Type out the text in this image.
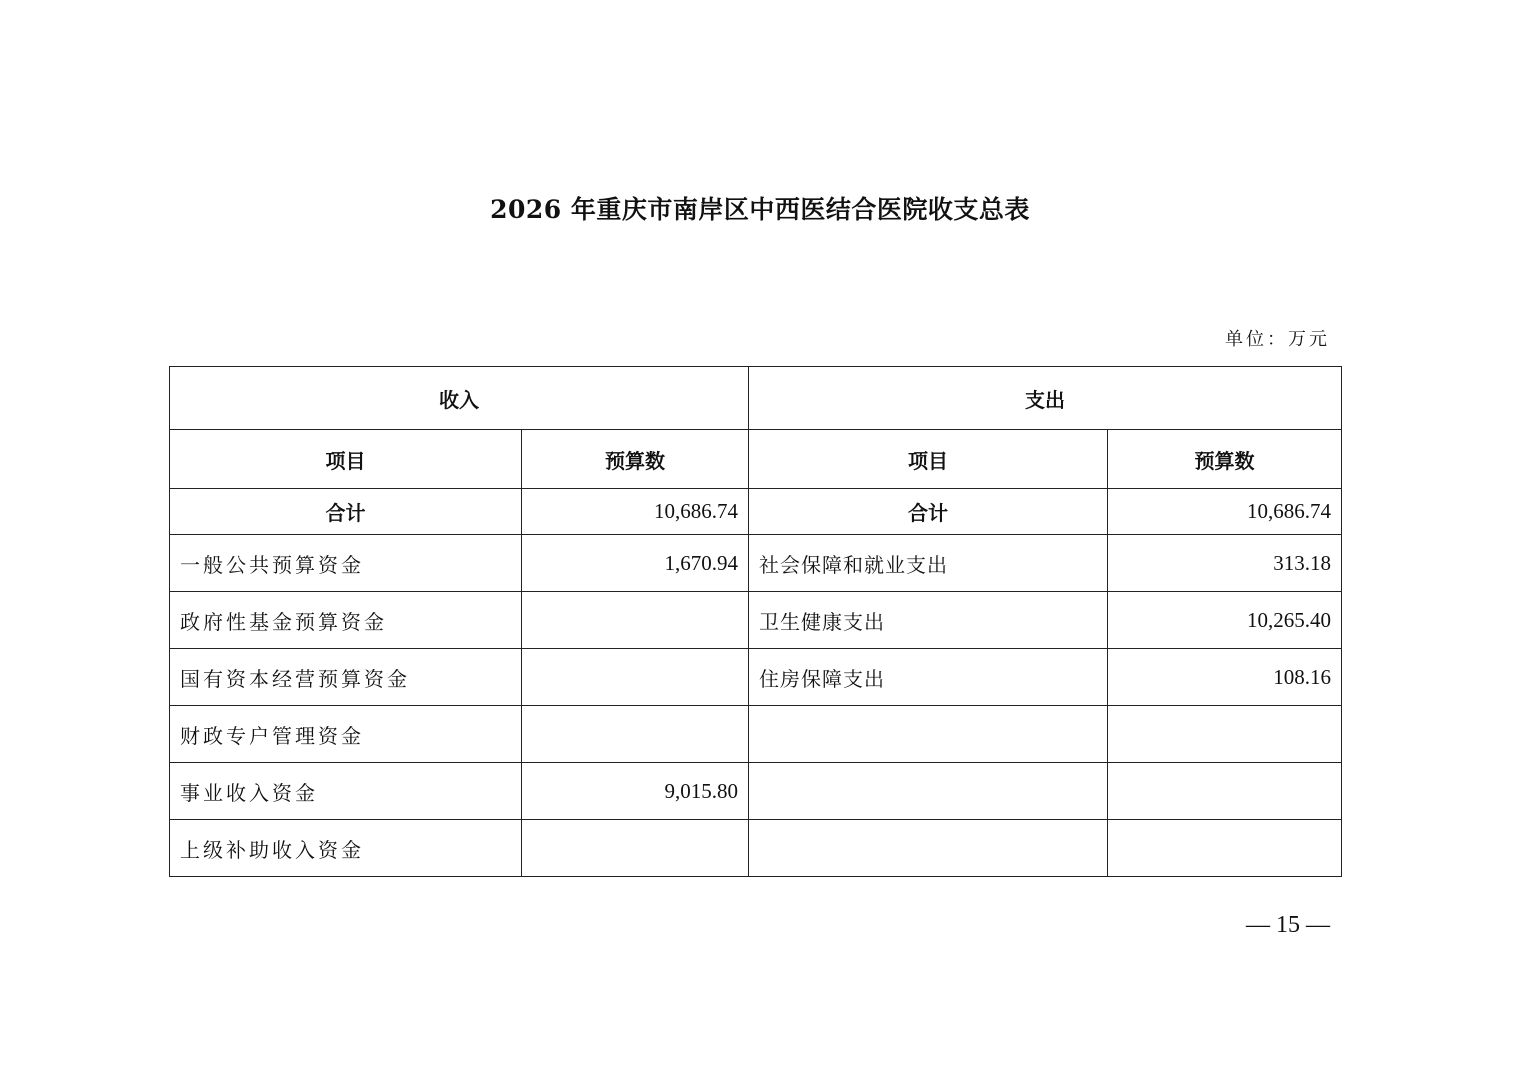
2026 年重庆市南岸区中西医结合医院收支总表
单位：万元
收入		支出	
项目	预算数	项目	预算数
合计	10,686.74	合计	10,686.74
一般公共预算资金	1,670.94	社会保障和就业支出	313.18
政府性基金预算资金		卫生健康支出	10,265.40
国有资本经营预算资金		住房保障支出	108.16
财政专户管理资金			
事业收入资金	9,015.80		
上级补助收入资金			
— 15 —
